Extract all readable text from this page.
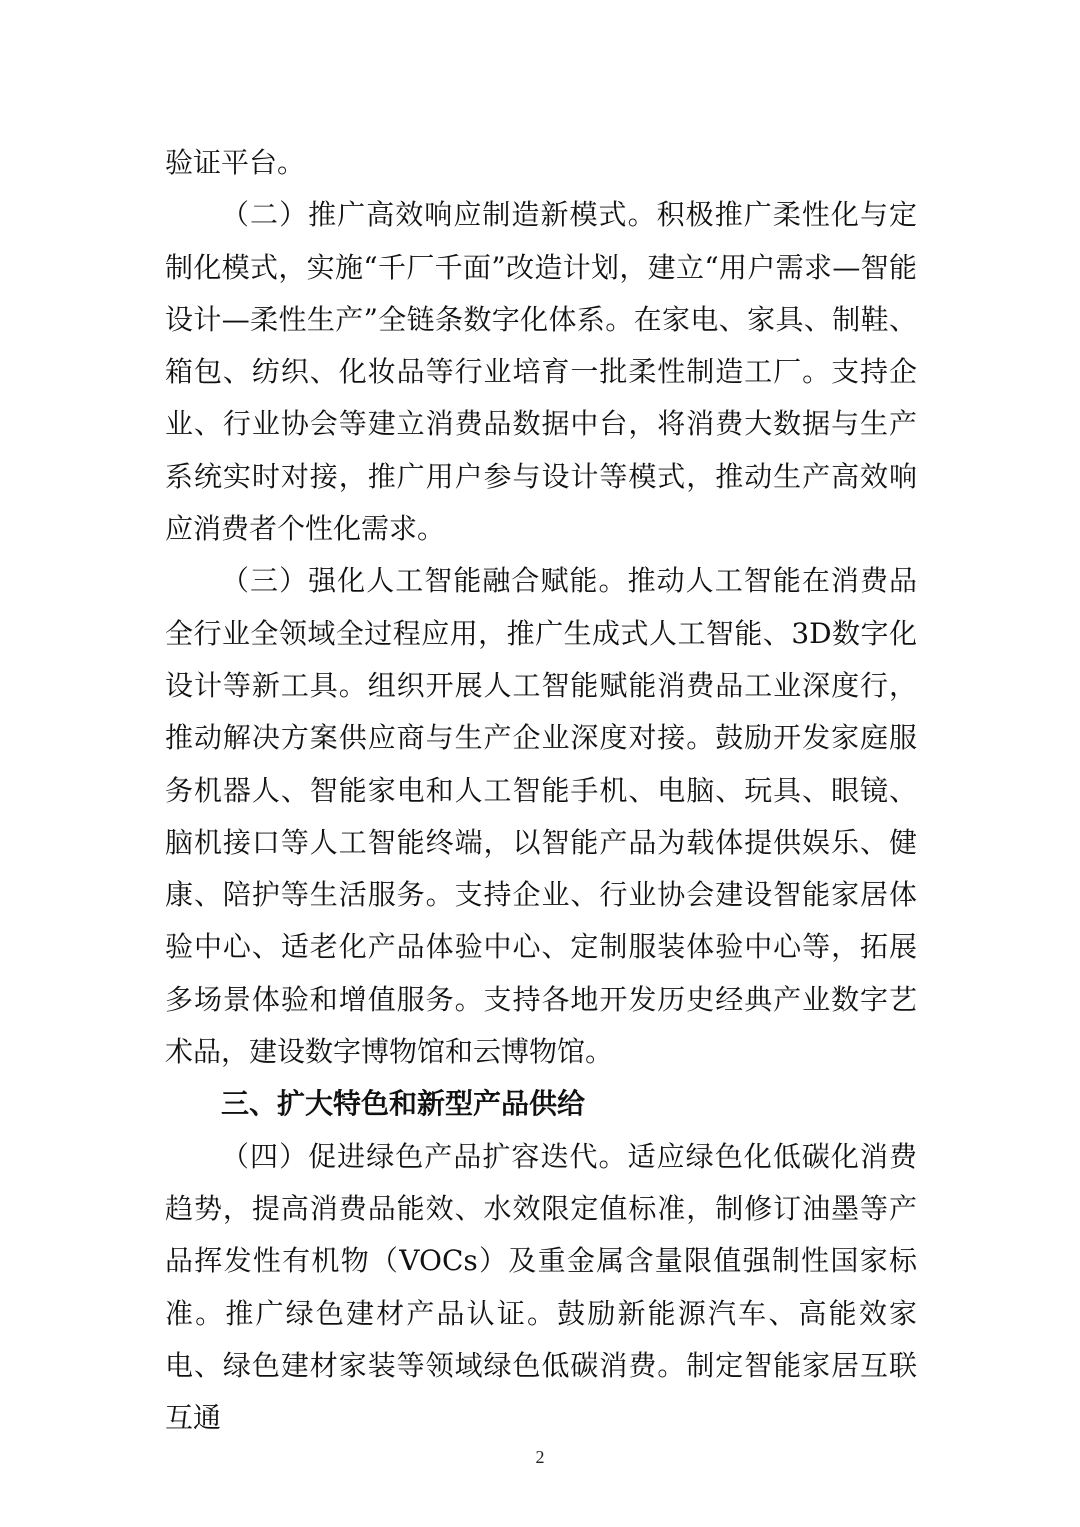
验证平台。

（二）推广高效响应制造新模式。积极推广柔性化与定制化模式，实施“千厂千面”改造计划，建立“用户需求—智能设计—柔性生产”全链条数字化体系。在家电、家具、制鞋、箱包、纺织、化妆品等行业培育一批柔性制造工厂。支持企业、行业协会等建立消费品数据中台，将消费大数据与生产系统实时对接，推广用户参与设计等模式，推动生产高效响应消费者个性化需求。

（三）强化人工智能融合赋能。推动人工智能在消费品全行业全领域全过程应用，推广生成式人工智能、3D数字化设计等新工具。组织开展人工智能赋能消费品工业深度行，推动解决方案供应商与生产企业深度对接。鼓励开发家庭服务机器人、智能家电和人工智能手机、电脑、玩具、眼镜、脑机接口等人工智能终端，以智能产品为载体提供娱乐、健康、陪护等生活服务。支持企业、行业协会建设智能家居体验中心、适老化产品体验中心、定制服装体验中心等，拓展多场景体验和增值服务。支持各地开发历史经典产业数字艺术品，建设数字博物馆和云博物馆。

三、扩大特色和新型产品供给

（四）促进绿色产品扩容迭代。适应绿色化低碳化消费趋势，提高消费品能效、水效限定值标准，制修订油墨等产品挥发性有机物（VOCs）及重金属含量限值强制性国家标准。推广绿色建材产品认证。鼓励新能源汽车、高能效家电、绿色建材家装等领域绿色低碳消费。制定智能家居互联互通

2
